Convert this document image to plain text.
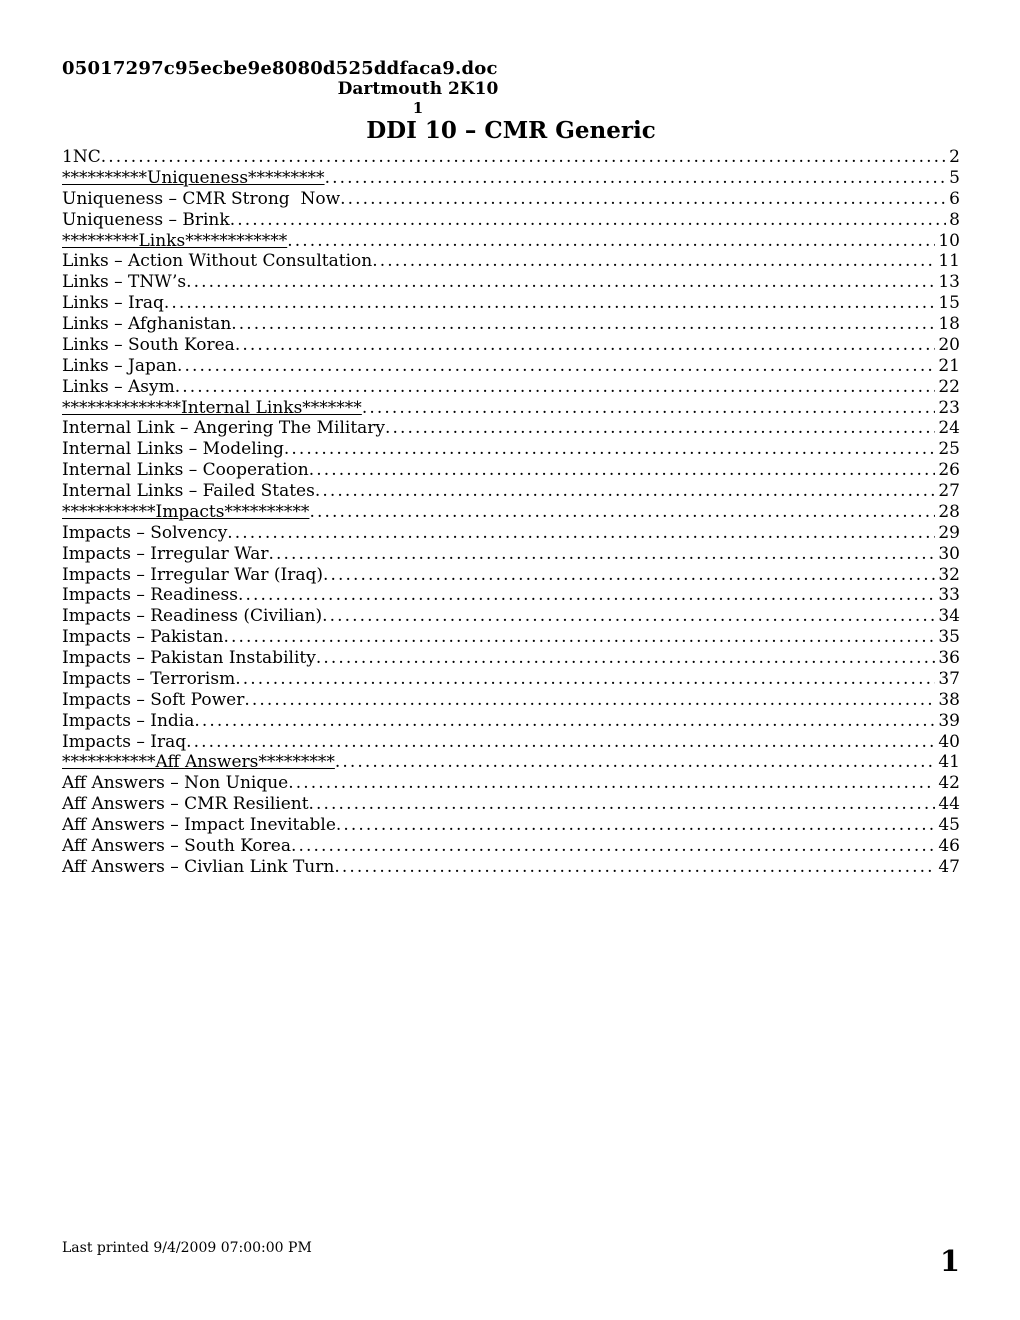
05017297c95ecbe9e8080d525ddfaca9.doc
Dartmouth 2K10
1
DDI 10 – CMR Generic
1NC .....	2
**********Uniqueness********* .....	5
Uniqueness – CMR Strong  Now .....	6
Uniqueness – Brink .....	8
*********Links************ .....	10
Links – Action Without Consultation .....	11
Links – TNW’s .....	13
Links – Iraq .....	15
Links – Afghanistan .....	18
Links – South Korea .....	20
Links – Japan .....	21
Links – Asym .....	22
**************Internal Links******* .....	23
Internal Link – Angering The Military .....	24
Internal Links – Modeling .....	25
Internal Links – Cooperation .....	26
Internal Links – Failed States .....	27
***********Impacts********** .....	28
Impacts – Solvency .....	29
Impacts – Irregular War .....	30
Impacts – Irregular War (Iraq) .....	32
Impacts – Readiness .....	33
Impacts – Readiness (Civilian) .....	34
Impacts – Pakistan .....	35
Impacts – Pakistan Instability .....	36
Impacts – Terrorism .....	37
Impacts – Soft Power .....	38
Impacts – India .....	39
Impacts – Iraq .....	40
***********Aff Answers********* .....	41
Aff Answers – Non Unique .....	42
Aff Answers – CMR Resilient .....	44
Aff Answers – Impact Inevitable .....	45
Aff Answers – South Korea .....	46
Aff Answers – Civlian Link Turn .....	47
Last printed 9/4/2009 07:00:00 PM	1
